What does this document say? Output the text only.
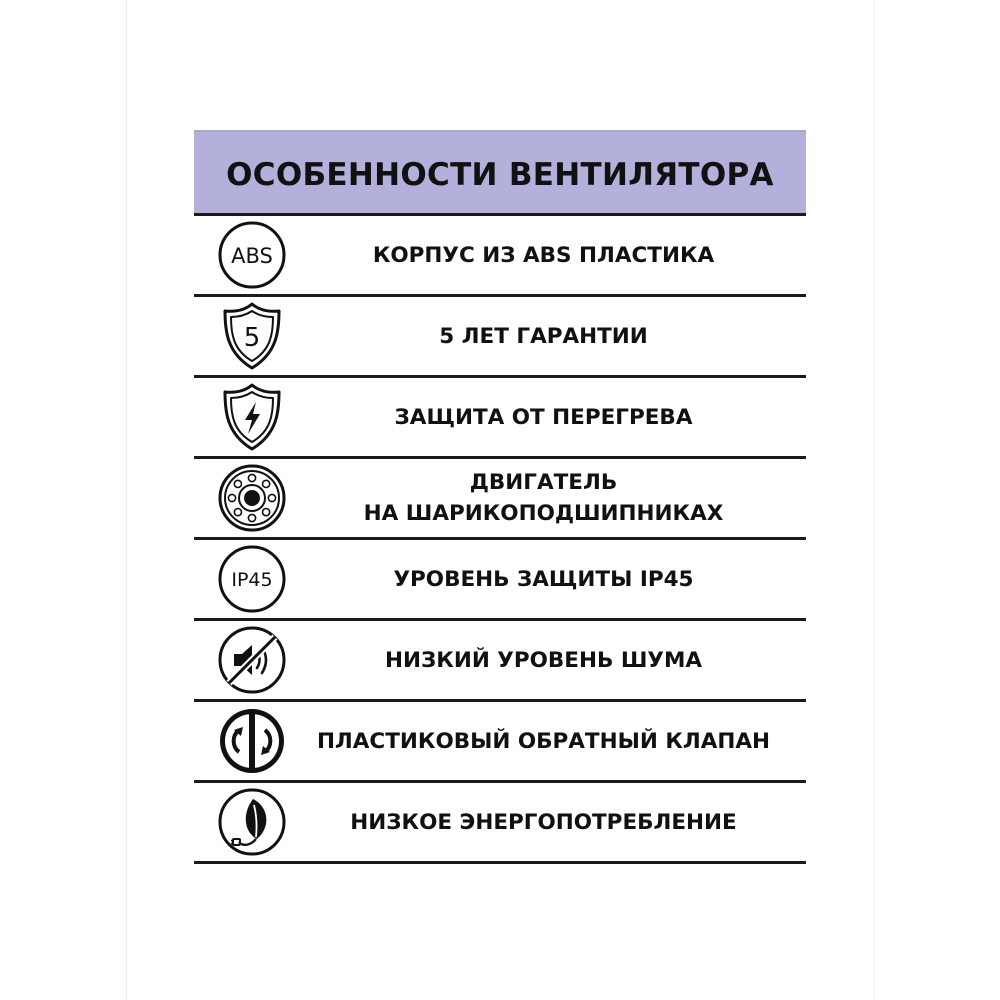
ОСОБЕННОСТИ ВЕНТИЛЯТОРА
ABS	КОРПУС ИЗ ABS ПЛАСТИКА
5	5 ЛЕТ ГАРАНТИИ
ЗАЩИТА ОТ ПЕРЕГРЕВА
ДВИГАТЕЛЬ
НА ШАРИКОПОДШИПНИКАХ
IP45	УРОВЕНЬ ЗАЩИТЫ IP45
НИЗКИЙ УРОВЕНЬ ШУМА
ПЛАСТИКОВЫЙ ОБРАТНЫЙ КЛАПАН
НИЗКОЕ ЭНЕРГОПОТРЕБЛЕНИЕ
